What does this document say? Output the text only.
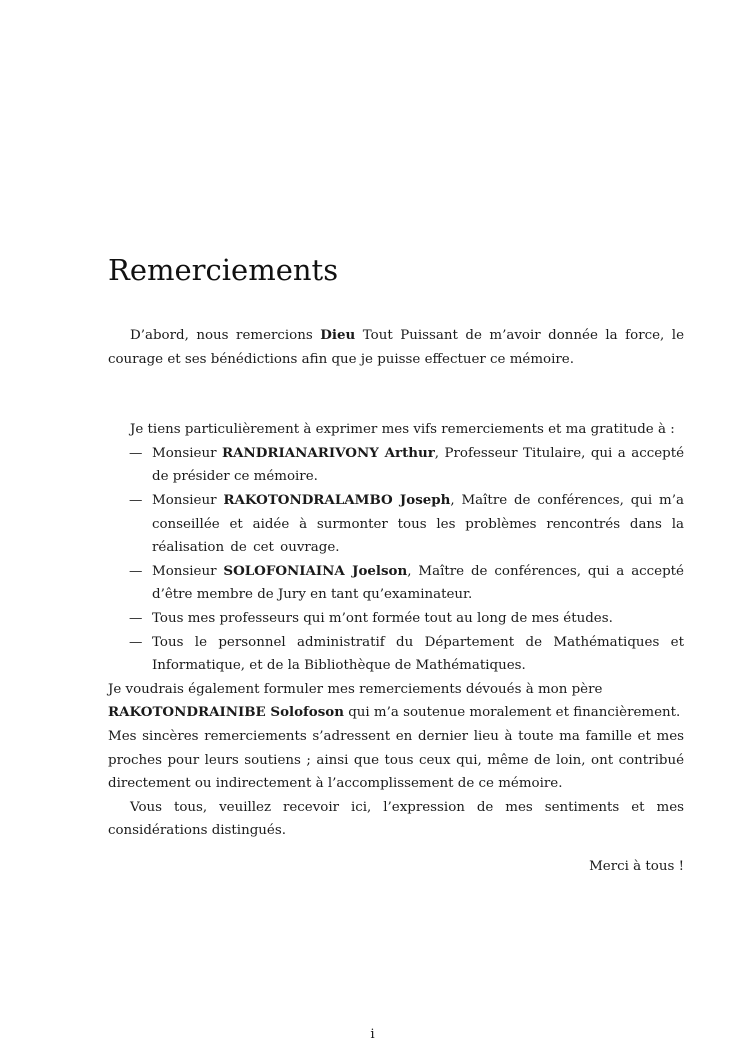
Remerciements

D’abord, nous remercions Dieu Tout Puissant de m’avoir donnée la force, le courage et ses bénédictions afin que je puisse effectuer ce mémoire.

Je tiens particulièrement à exprimer mes vifs remerciements et ma gratitude à :

— Monsieur RANDRIANARIVONY Arthur, Professeur Titulaire, qui a accepté de présider ce mémoire.
— Monsieur RAKOTONDRALAMBO Joseph, Maître de conférences, qui m’a conseillée et aidée à surmonter tous les problèmes rencontrés dans la réalisation de cet ouvrage.
— Monsieur SOLOFONIAINA Joelson, Maître de conférences, qui a accepté d’être membre de Jury en tant qu’examinateur.
— Tous mes professeurs qui m’ont formée tout au long de mes études.
— Tous le personnel administratif du Département de Mathématiques et Informatique, et de la Bibliothèque de Mathématiques.

Je voudrais également formuler mes remerciements dévoués à mon père
RAKOTONDRAINIBE Solofoson qui m’a soutenue moralement et financièrement.

Mes sincères remerciements s’adressent en dernier lieu à toute ma famille et mes proches pour leurs soutiens ; ainsi que tous ceux qui, même de loin, ont contribué directement ou indirectement à l’accomplissement de ce mémoire.

Vous tous, veuillez recevoir ici, l’expression de mes sentiments et mes considérations distingués.

Merci à tous !

i
